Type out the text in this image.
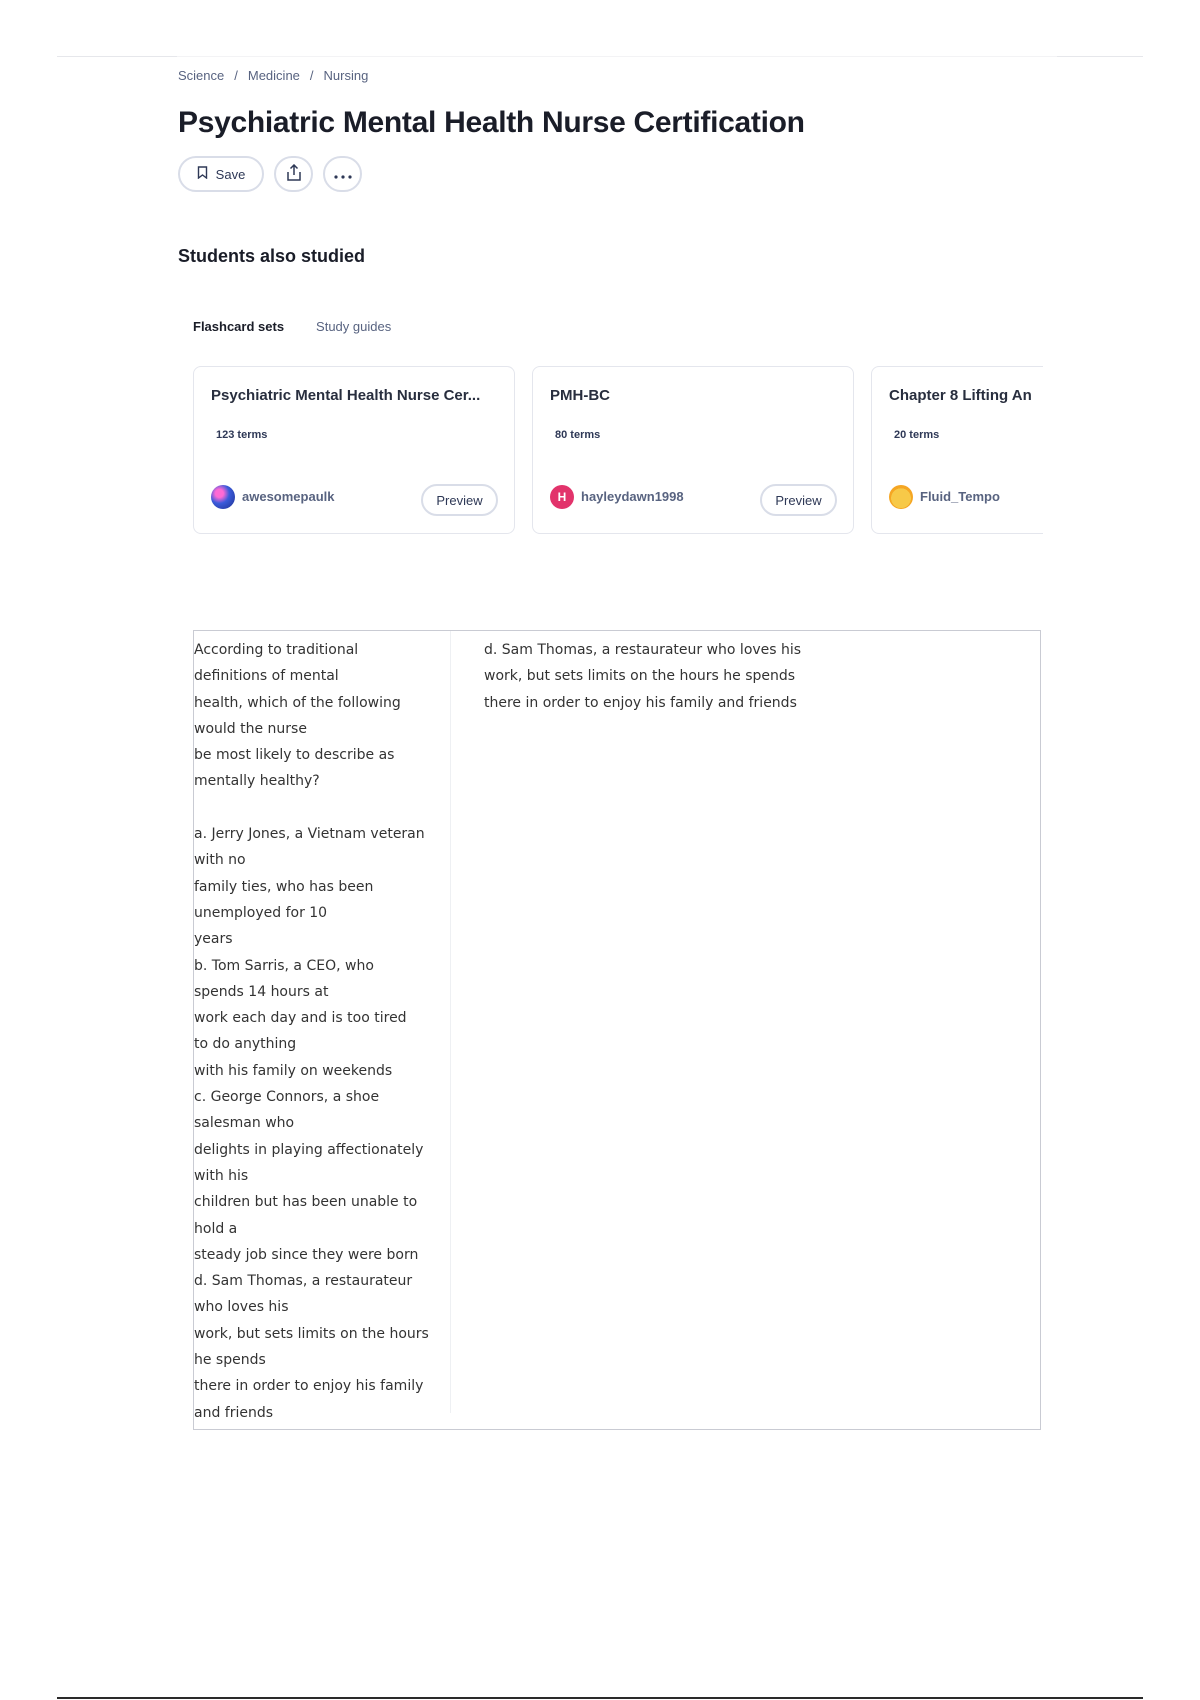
Science / Medicine / Nursing
Psychiatric Mental Health Nurse Certification
Save
Students also studied
Flashcard sets Study guides
Psychiatric Mental Health Nurse Cer...
123 terms
awesomepaulk	Preview
PMH-BC
80 terms
H	hayleydawn1998	Preview
Chapter 8 Lifting An
20 terms
Fluid_Tempo

According to traditional
definitions of mental
health, which of the following
would the nurse
be most likely to describe as
mentally healthy?

a. Jerry Jones, a Vietnam veteran
with no
family ties, who has been
unemployed for 10
years
b. Tom Sarris, a CEO, who
spends 14 hours at
work each day and is too tired
to do anything
with his family on weekends
c. George Connors, a shoe
salesman who
delights in playing affectionately
with his
children but has been unable to
hold a
steady job since they were born
d. Sam Thomas, a restaurateur
who loves his
work, but sets limits on the hours
he spends
there in order to enjoy his family
and friends

d. Sam Thomas, a restaurateur who loves his
work, but sets limits on the hours he spends
there in order to enjoy his family and friends
